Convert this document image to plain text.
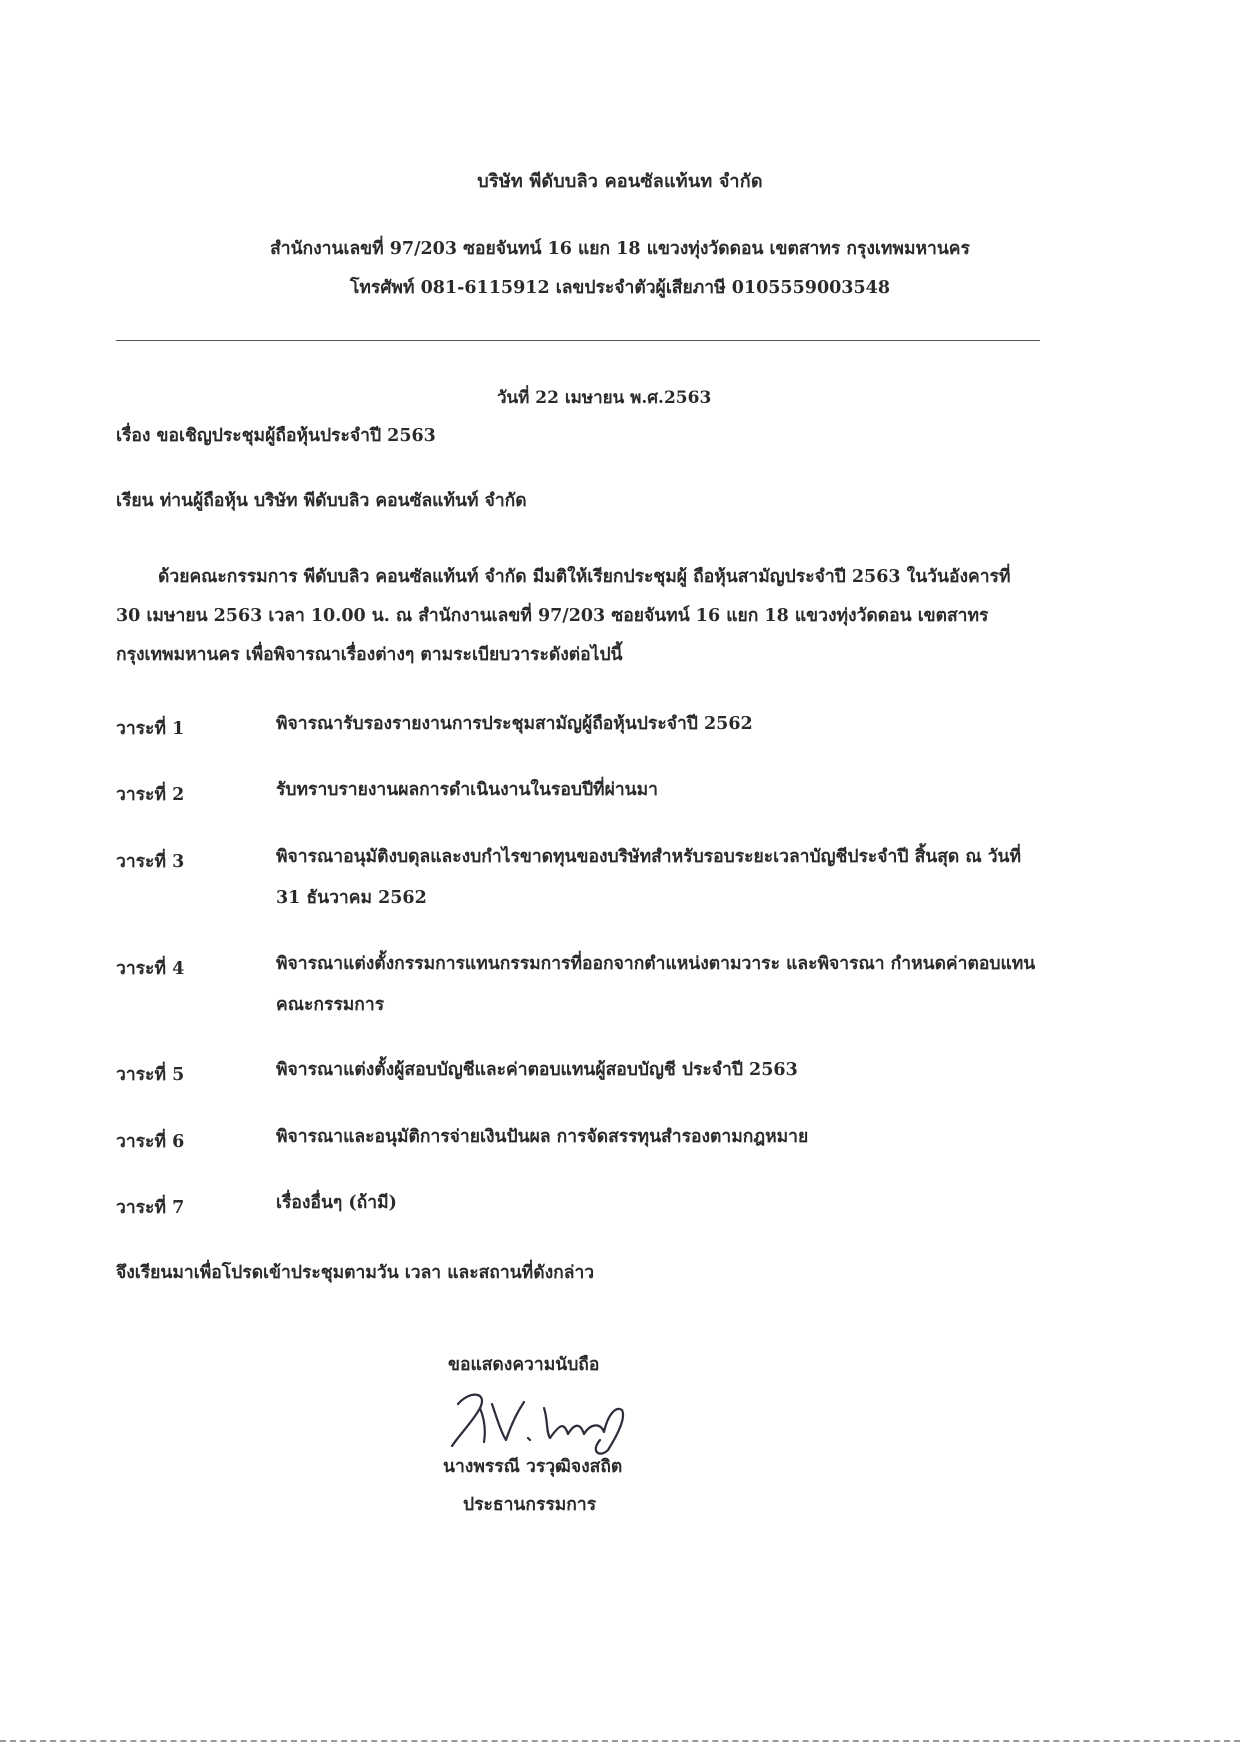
บริษัท พีดับบลิว คอนซัลแท้นท จำกัด
สำนักงานเลขที่ 97/203 ซอยจันทน์ 16 แยก 18 แขวงทุ่งวัดดอน เขตสาทร กรุงเทพมหานคร
โทรศัพท์ 081-6115912 เลขประจำตัวผู้เสียภาษี 0105559003548
วันที่ 22 เมษายน พ.ศ.2563
เรื่อง ขอเชิญประชุมผู้ถือหุ้นประจำปี 2563
เรียน ท่านผู้ถือหุ้น บริษัท พีดับบลิว คอนซัลแท้นท์ จำกัด
ด้วยคณะกรรมการ พีดับบลิว คอนซัลแท้นท์ จำกัด มีมติให้เรียกประชุมผู้ ถือหุ้นสามัญประจำปี 2563 ในวันอังคารที่
30 เมษายน 2563 เวลา 10.00 น. ณ สำนักงานเลขที่ 97/203 ซอยจันทน์ 16 แยก 18 แขวงทุ่งวัดดอน เขตสาทร
กรุงเทพมหานคร เพื่อพิจารณาเรื่องต่างๆ ตามระเบียบวาระดังต่อไปนี้
วาระที่ 1	พิจารณารับรองรายงานการประชุมสามัญผู้ถือหุ้นประจำปี 2562
วาระที่ 2	รับทราบรายงานผลการดำเนินงานในรอบปีที่ผ่านมา
วาระที่ 3	พิจารณาอนุมัติงบดุลและงบกำไรขาดทุนของบริษัทสำหรับรอบระยะเวลาบัญชีประจำปี สิ้นสุด ณ วันที่ 31 ธันวาคม 2562
วาระที่ 4	พิจารณาแต่งตั้งกรรมการแทนกรรมการที่ออกจากตำแหน่งตามวาระ และพิจารณา กำหนดค่าตอบแทนคณะกรรมการ
วาระที่ 5	พิจารณาแต่งตั้งผู้สอบบัญชีและค่าตอบแทนผู้สอบบัญชี ประจำปี 2563
วาระที่ 6	พิจารณาและอนุมัติการจ่ายเงินปันผล การจัดสรรทุนสำรองตามกฎหมาย
วาระที่ 7	เรื่องอื่นๆ (ถ้ามี)
จึงเรียนมาเพื่อโปรดเข้าประชุมตามวัน เวลา และสถานที่ดังกล่าว
ขอแสดงความนับถือ
นางพรรณี วรวุฒิจงสถิต
ประธานกรรมการ
